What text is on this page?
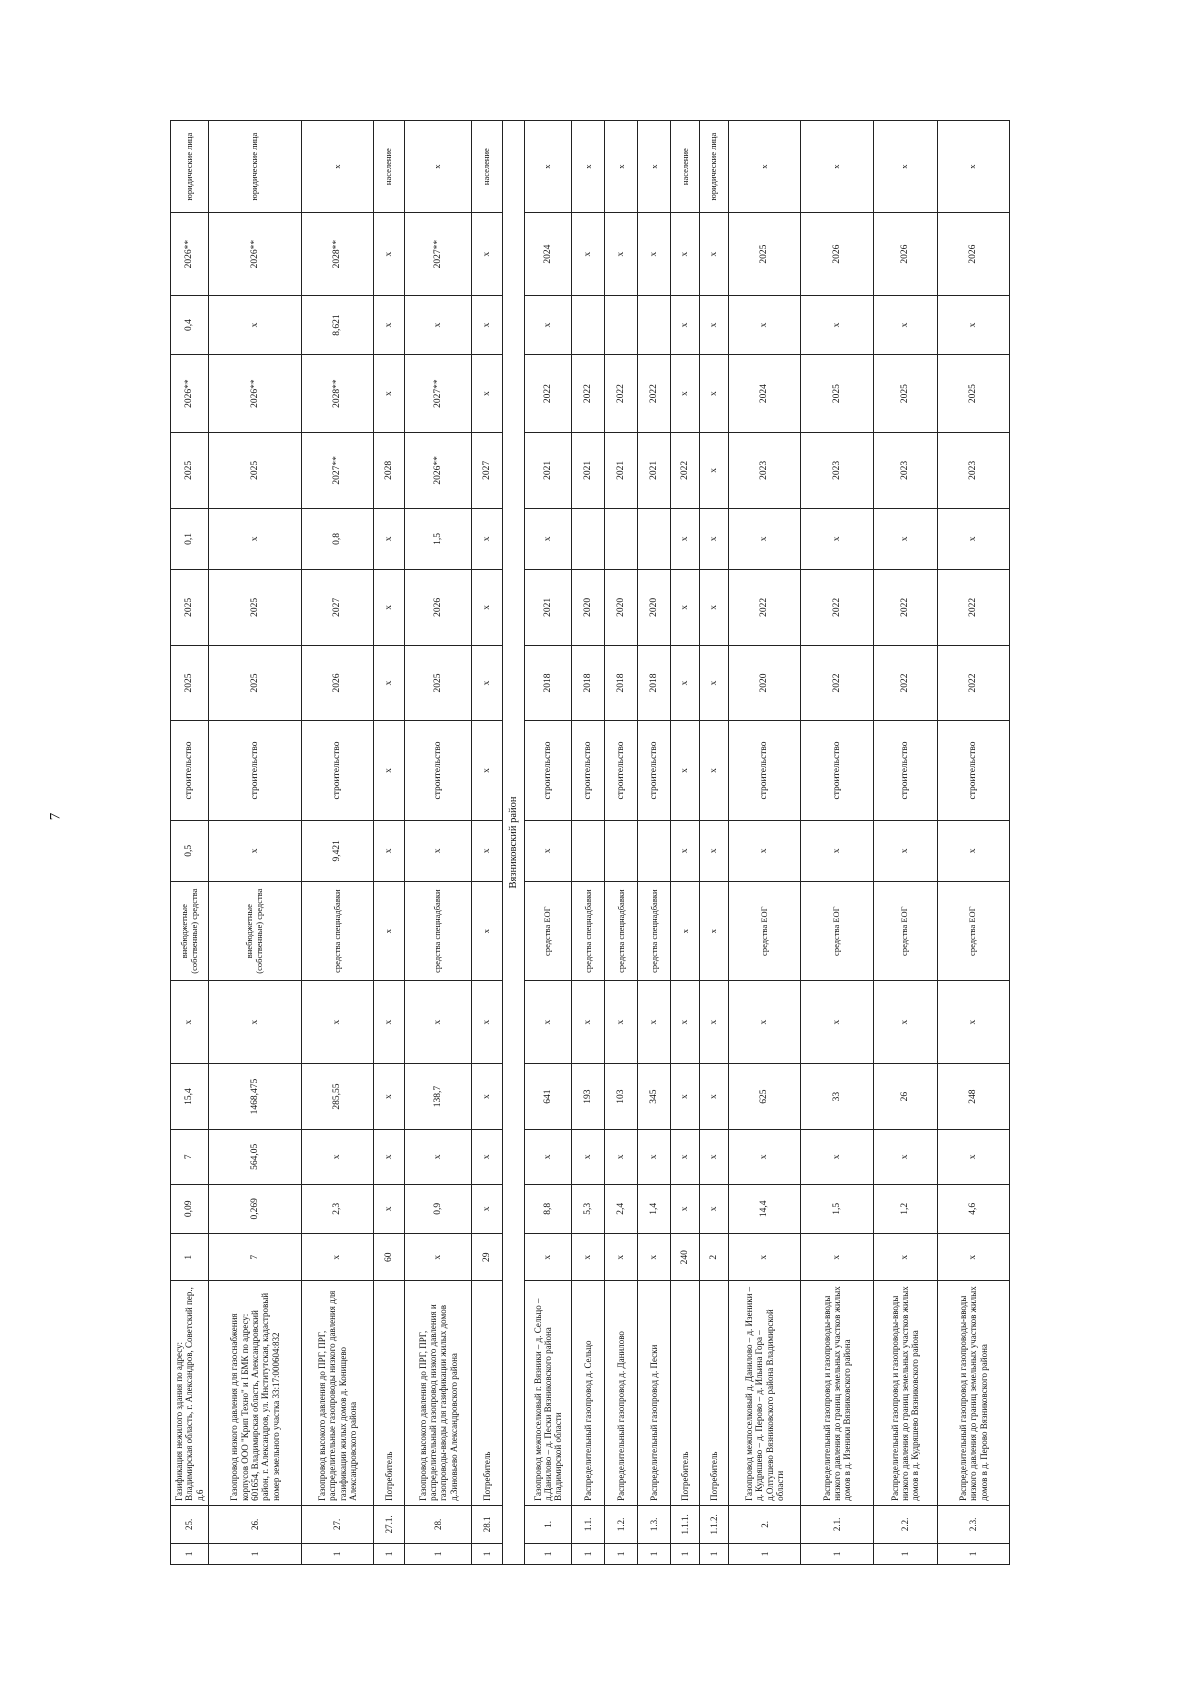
7
1	25.	Газификация нежилого здания по адресу: Владимирская область, г. Александров, Советский пер., д.6	1	0,09	7	15,4	x	внебюджетные (собственные) средства	0,5	строительство	2025	2025	0,1	2025	2026**	0,4	2026**	юридические лица
1	26.	Газопровод низкого давления для газоснабжения корпусов ООО "Крип Техно" и I БМК по адресу: 601654, Владимирская область, Александровский район, г. Александров, ул. Институтская, кадастровый номер земельного участка 33:17:000604:832	7	0,269	564,05	1468,475	x	внебюджетные (собственные) средства	x	строительство	2025	2025	x	2025	2026**	x	2026**	юридические лица
1	27.	Газопровод высокого давления до ПРГ, ПРГ, распределительные газопроводы низкого давления для газификации жилых домов д. Конищево Александровского района	x	2,3	x	285,55	x	средства спецнадбавки	9,421	строительство	2026	2027	0,8	2027**	2028**	8,621	2028**	x
1	27.1.	Потребитель	60	x	x	x	x	x	x	x	x	x	x	2028	x	x	x	население
1	28.	Газопровод высокого давления до ПРГ, ПРГ, распределительный газопровод низкого давления и газопроводы-вводы для газификации жилых домов д.Зиновьево Александровского района	x	0,9	x	138,7	x	средства спецнадбавки	x	строительство	2025	2026	1,5	2026**	2027**	x	2027**	x
1	28.1	Потребитель	29	x	x	x	x	x	x	x	x	x	x	2027	x	x	x	население
Вязниковский район																		
1	1.	Газопровод межпоселковый г. Вязники – д. Сельцо – д.Данилово – д. Пески Вязниковского района Владимирской области	x	8,8	x	641	x	средства ЕОГ	x	строительство	2018	2021	x	2021	2022	x	2024	x
1	1.1.	Распределительный газопровод д. Сельцо	x	5,3	x	193	x	средства спецнадбавки		строительство	2018	2020		2021	2022		x	x
1	1.2.	Распределительный газопровод д. Данилово	x	2,4	x	103	x	средства спецнадбавки		строительство	2018	2020		2021	2022		x	x
1	1.3.	Распределительный газопровод д. Пески	x	1,4	x	345	x	средства спецнадбавки		строительство	2018	2020		2021	2022		x	x
1	1.1.1.	Потребитель	240	x	x	x	x	x	x	x	x	x	x	2022	x	x	x	население
1	1.1.2.	Потребитель	2	x	x	x	x	x	x	x	x	x	x	x	x	x	x	юридические лица
1	2.	Газопровод межпоселковый д. Данилово – д. Изеники – д. Кудряшево – д. Перово – д. Ильина Гора – д.Олтушево Вязниковского района Владимирской области	x	14,4	x	625	x	средства ЕОГ	x	строительство	2020	2022	x	2023	2024	x	2025	x
1	2.1.	Распределительный газопровод и газопроводы-вводы низкого давления до границ земельных участков жилых домов в д. Изеники Вязниковского района	x	1,5	x	33	x	средства ЕОГ	x	строительство	2022	2022	x	2023	2025	x	2026	x
1	2.2.	Распределительный газопровод и газопроводы-вводы низкого давления до границ земельных участков жилых домов в д. Кудряшево Вязниковского района	x	1,2	x	26	x	средства ЕОГ	x	строительство	2022	2022	x	2023	2025	x	2026	x
1	2.3.	Распределительный газопровод и газопроводы-вводы низкого давления до границ земельных участков жилых домов в д. Перово Вязниковского района	x	4,6	x	248	x	средства ЕОГ	x	строительство	2022	2022	x	2023	2025	x	2026	x
